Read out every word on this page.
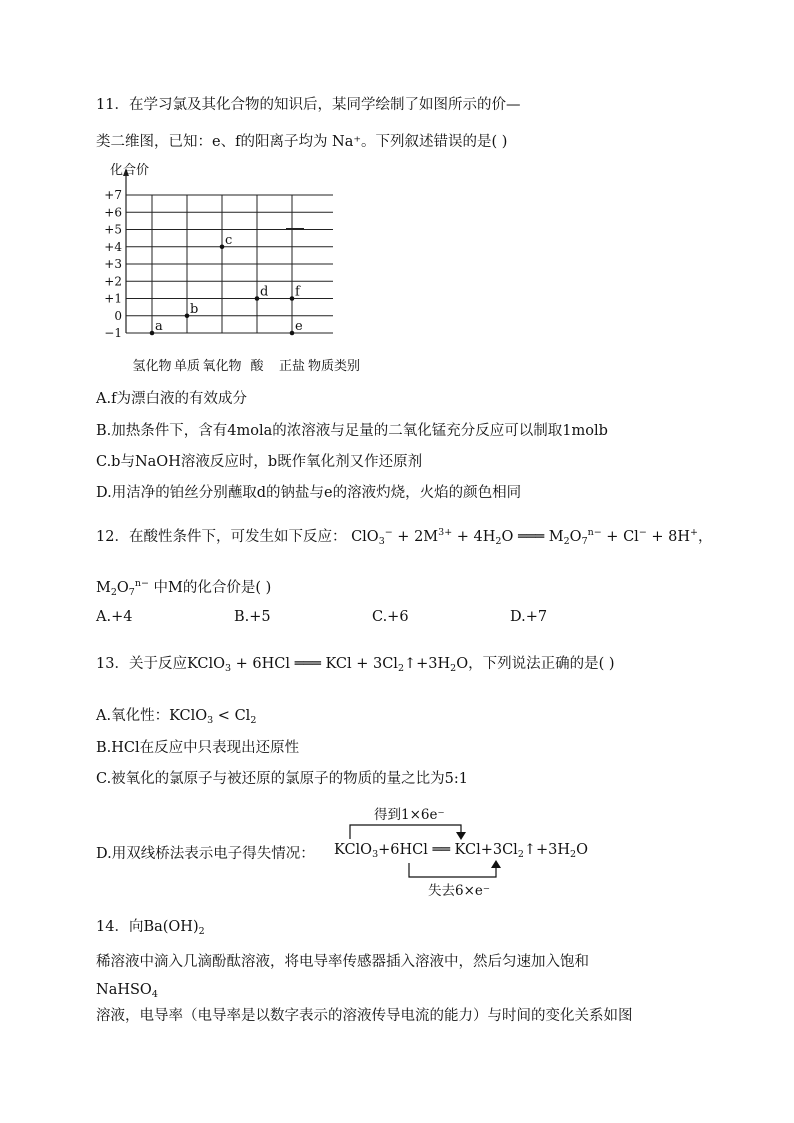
11．在学习氯及其化合物的知识后，某同学绘制了如图所示的价—
类二维图，已知：e、f的阳离子均为 Na⁺。下列叙述错误的是( )
+7
+6
+5
+4
+3
+2
+1
0
−1
氢化物 单质 氧化物 酸 正盐
a
b
c
d f
e
化合价
物质类别
A.f为漂白液的有效成分
B.加热条件下，含有4mola的浓溶液与足量的二氧化锰充分反应可以制取1molb
C.b与NaOH溶液反应时，b既作氧化剂又作还原剂
D.用洁净的铂丝分别蘸取d的钠盐与e的溶液灼烧，火焰的颜色相同
12．在酸性条件下，可发生如下反应： $ClO_3^- + 2M^{3+} + 4H_2O$ ═══ $M_2O_7^{n-} + Cl^- + 8H^+$，
$M_2O_7^{n-}$ 中M的化合价是( )
A.+4	B.+5	C.+6	D.+7
13．关于反应KClO$_3$ + 6HCl ═══ KCl + $3Cl_2↑+3H_2O$，下列说法正确的是( )
A.氧化性：KClO$_3$ < $Cl_2$
B.HCl在反应中只表现出还原性
C.被氧化的氯原子与被还原的氯原子的物质的量之比为5:1
D.用双线桥法表示电子得失情况：
得到1×6e⁻
KClO$_3$+6HCl ══ $KCl+3Cl_2↑+3H_2O$
失去6×e⁻
14．向$Ba(OH)_2$
稀溶液中滴入几滴酚酞溶液，将电导率传感器插入溶液中，然后匀速加入饱和
NaHSO$_4$
溶液，电导率（电导率是以数字表示的溶液传导电流的能力）与时间的变化关系如图
